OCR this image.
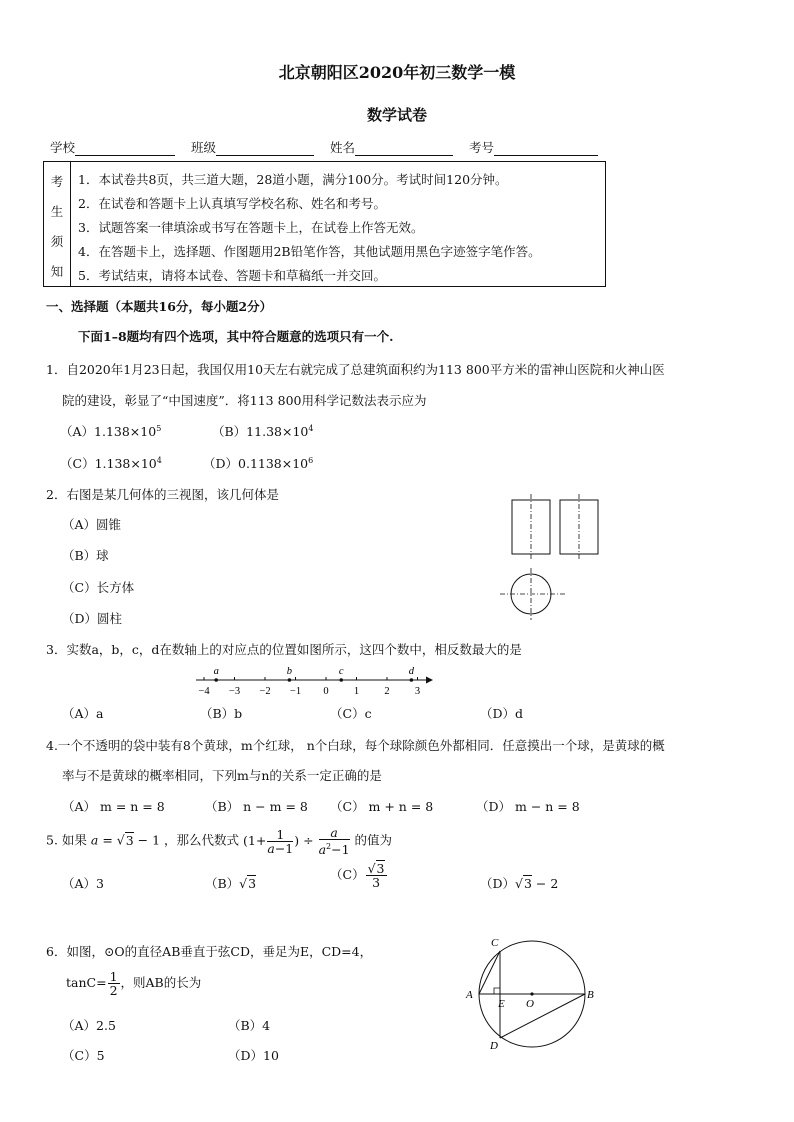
北京朝阳区2020年初三数学一模
数学试卷
学校	班级	姓名	考号
考
生
须
知
1．本试卷共8页，共三道大题，28道小题，满分100分。考试时间120分钟。
2．在试卷和答题卡上认真填写学校名称、姓名和考号。
3．试题答案一律填涂或书写在答题卡上，在试卷上作答无效。
4．在答题卡上，选择题、作图题用2B铅笔作答，其他试题用黑色字迹签字笔作答。
5．考试结束，请将本试卷、答题卡和草稿纸一并交回。
一、选择题（本题共16分，每小题2分）
下面1–8题均有四个选项，其中符合题意的选项只有一个.
1．自2020年1月23日起，我国仅用10天左右就完成了总建筑面积约为113 800平方米的雷神山医院和火神山医
院的建设，彰显了“中国速度”．将113 800用科学记数法表示应为
$(A)1.138\times 10^5$	$(B)11.38\times 10^4$
$(C)1.138\times 10^4$	$(D)0.1138\times 10^6$
2．右图是某几何体的三视图，该几何体是
（A）圆锥
（B）球
（C）长方体
（D）圆柱
3．实数a，b，c，d在数轴上的对应点的位置如图所示，这四个数中，相反数最大的是
−4 −3 −2 −1 0 1 2 3
a	b	c	d
（A）a	（B）b	（C）c	（D）d
4.一个不透明的袋中装有8个黄球，m个红球， n个白球，每个球除颜色外都相同．任意摸出一个球，是黄球的概
率与不是黄球的概率相同，下列m与n的关系一定正确的是
（A） m = n = 8	（B） n − m = 8 （C） m + n = 8	（D） m − n = 8
5. 如果 a = √3 − 1 ，那么代数式 ($1+ \frac{1}{a-1}$ ) ÷ $\frac{a}{a^2-1}$ 的值为
（A）3	（B）√3
$(C) \frac{√3}{3}$	（D）√3 − 2
6．如图，⊙O的直径AB垂直于弦CD，垂足为E，CD=4，
$\tan C= \frac{1}{2}$ ，则AB的长为
（A）2.5	（B）4
（C）5	（D）10
C
A
E O
B
D
